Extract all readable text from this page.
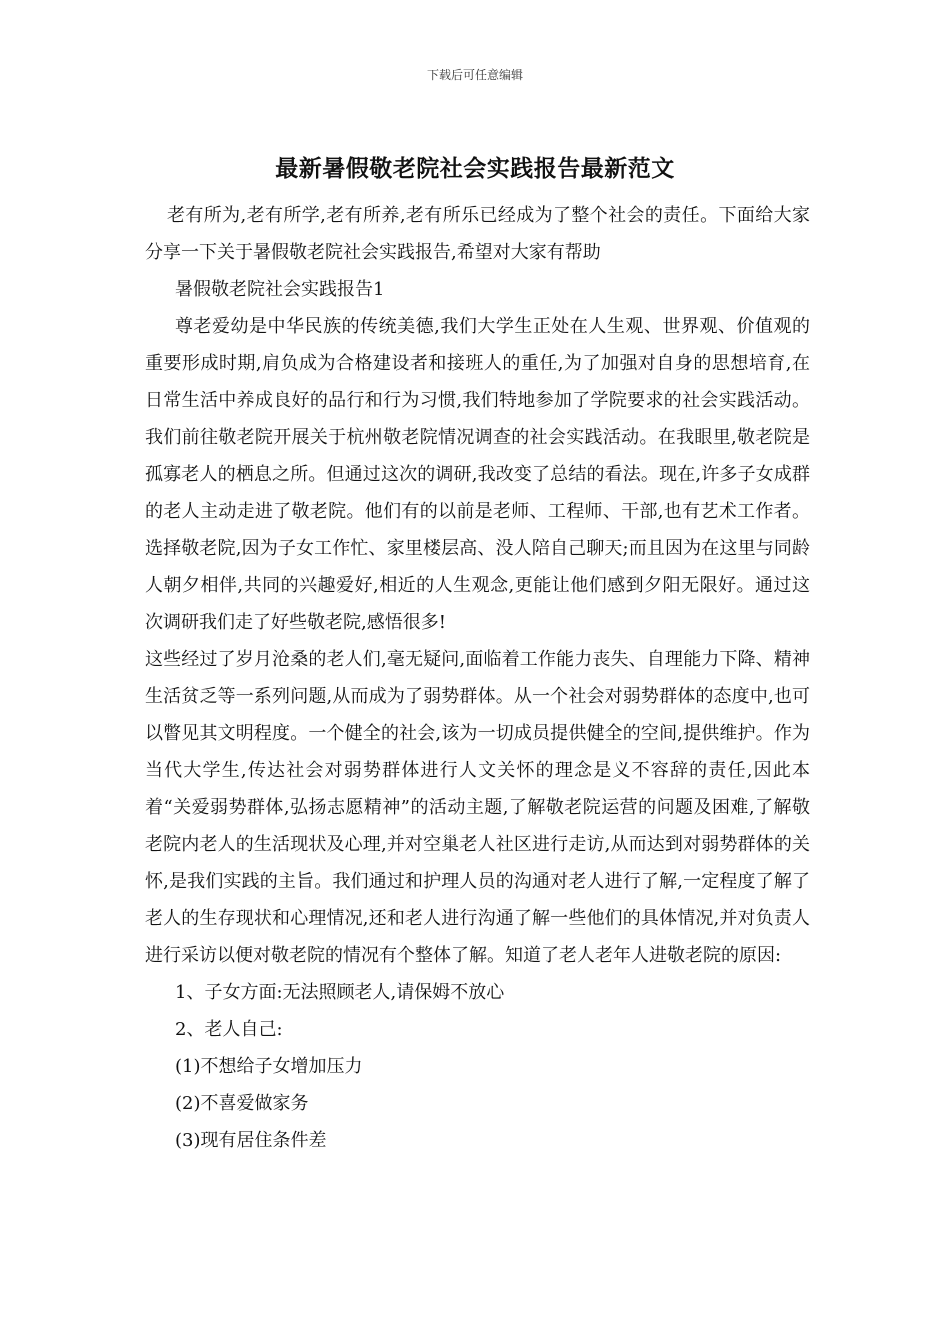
下载后可任意编辑
最新暑假敬老院社会实践报告最新范文

老有所为,老有所学,老有所养,老有所乐已经成为了整个社会的责任。下面给大家分享一下关于暑假敬老院社会实践报告,希望对大家有帮助

暑假敬老院社会实践报告1

尊老爱幼是中华民族的传统美德,我们大学生正处在人生观、世界观、价值观的重要形成时期,肩负成为合格建设者和接班人的重任,为了加强对自身的思想培育,在日常生活中养成良好的品行和行为习惯,我们特地参加了学院要求的社会实践活动。我们前往敬老院开展关于杭州敬老院情况调查的社会实践活动。在我眼里,敬老院是孤寡老人的栖息之所。但通过这次的调研,我改变了总结的看法。现在,许多子女成群的老人主动走进了敬老院。他们有的以前是老师、工程师、干部,也有艺术工作者。选择敬老院,因为子女工作忙、家里楼层高、没人陪自己聊天;而且因为在这里与同龄人朝夕相伴,共同的兴趣爱好,相近的人生观念,更能让他们感到夕阳无限好。通过这次调研我们走了好些敬老院,感悟很多!

这些经过了岁月沧桑的老人们,毫无疑问,面临着工作能力丧失、自理能力下降、精神生活贫乏等一系列问题,从而成为了弱势群体。从一个社会对弱势群体的态度中,也可以瞥见其文明程度。一个健全的社会,该为一切成员提供健全的空间,提供维护。作为当代大学生,传达社会对弱势群体进行人文关怀的理念是义不容辞的责任,因此本着“关爱弱势群体,弘扬志愿精神”的活动主题,了解敬老院运营的问题及困难,了解敬老院内老人的生活现状及心理,并对空巢老人社区进行走访,从而达到对弱势群体的关怀,是我们实践的主旨。我们通过和护理人员的沟通对老人进行了解,一定程度了解了老人的生存现状和心理情况,还和老人进行沟通了解一些他们的具体情况,并对负责人进行采访以便对敬老院的情况有个整体了解。知道了老人老年人进敬老院的原因:

1、子女方面:无法照顾老人,请保姆不放心

2、老人自己:

(1)不想给子女增加压力

(2)不喜爱做家务

(3)现有居住条件差
